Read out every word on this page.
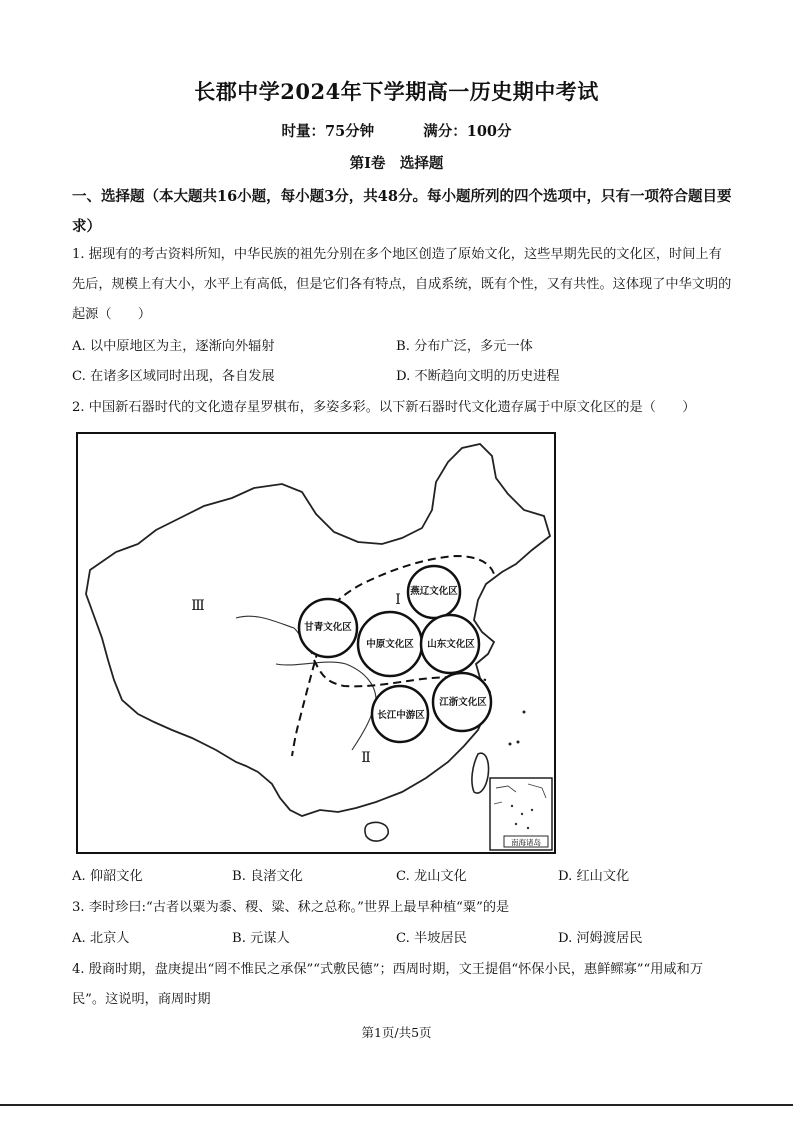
长郡中学2024年下学期高一历史期中考试
时量：75分钟	满分：100分
第Ⅰ卷　选择题
一、选择题（本大题共16小题，每小题3分，共48分。每小题所列的四个选项中，只有一项符合题目要求）
1. 据现有的考古资料所知，中华民族的祖先分别在多个地区创造了原始文化，这些早期先民的文化区，时间上有先后，规模上有大小，水平上有高低，但是它们各有特点，自成系统，既有个性，又有共性。这体现了中华文明的起源（　　）
A. 以中原地区为主，逐渐向外辐射	B. 分布广泛，多元一体
C. 在诸多区域同时出现，各自发展	D. 不断趋向文明的历史进程
2. 中国新石器时代的文化遗存星罗棋布，多姿多彩。以下新石器时代文化遗存属于中原文化区的是（　　）
燕辽文化区
甘青文化区
中原文化区 山东文化区
长江中游区
江浙文化区
Ⅰ
Ⅱ
Ⅲ
南海诸岛
A. 仰韶文化	B. 良渚文化	C. 龙山文化	D. 红山文化
3. 李时珍曰:“古者以粟为黍、稷、粱、秫之总称。”世界上最早种植“粟”的是
A. 北京人	B. 元谋人	C. 半坡居民	D. 河姆渡居民
4. 殷商时期，盘庚提出“罔不惟民之承保”“式敷民德”；西周时期，文王提倡“怀保小民，惠鲜鳏寡”“用咸和万民”。这说明，商周时期
第1页/共5页
